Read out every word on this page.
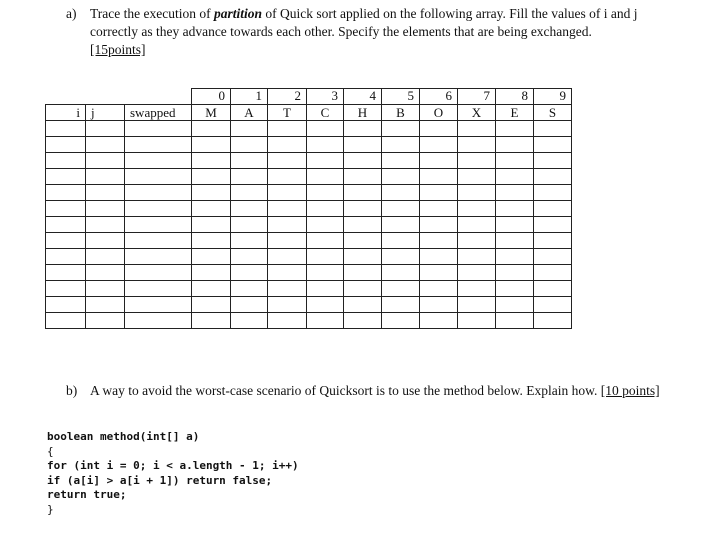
a) Trace the execution of partition of Quick sort applied on the following array. Fill the values of i and j correctly as they advance towards each other. Specify the elements that are being exchanged.
[15points]
			0	1	2	3	4	5	6	7	8	9
i	j	swapped	M	A	T	C	H	B	O	X	E	S

b) A way to avoid the worst-case scenario of Quicksort is to use the method below. Explain how. [10 points]
boolean method(int[] a)
{
for (int i = 0; i < a.length - 1; i++)
if (a[i] > a[i + 1]) return false;
return true;
}
